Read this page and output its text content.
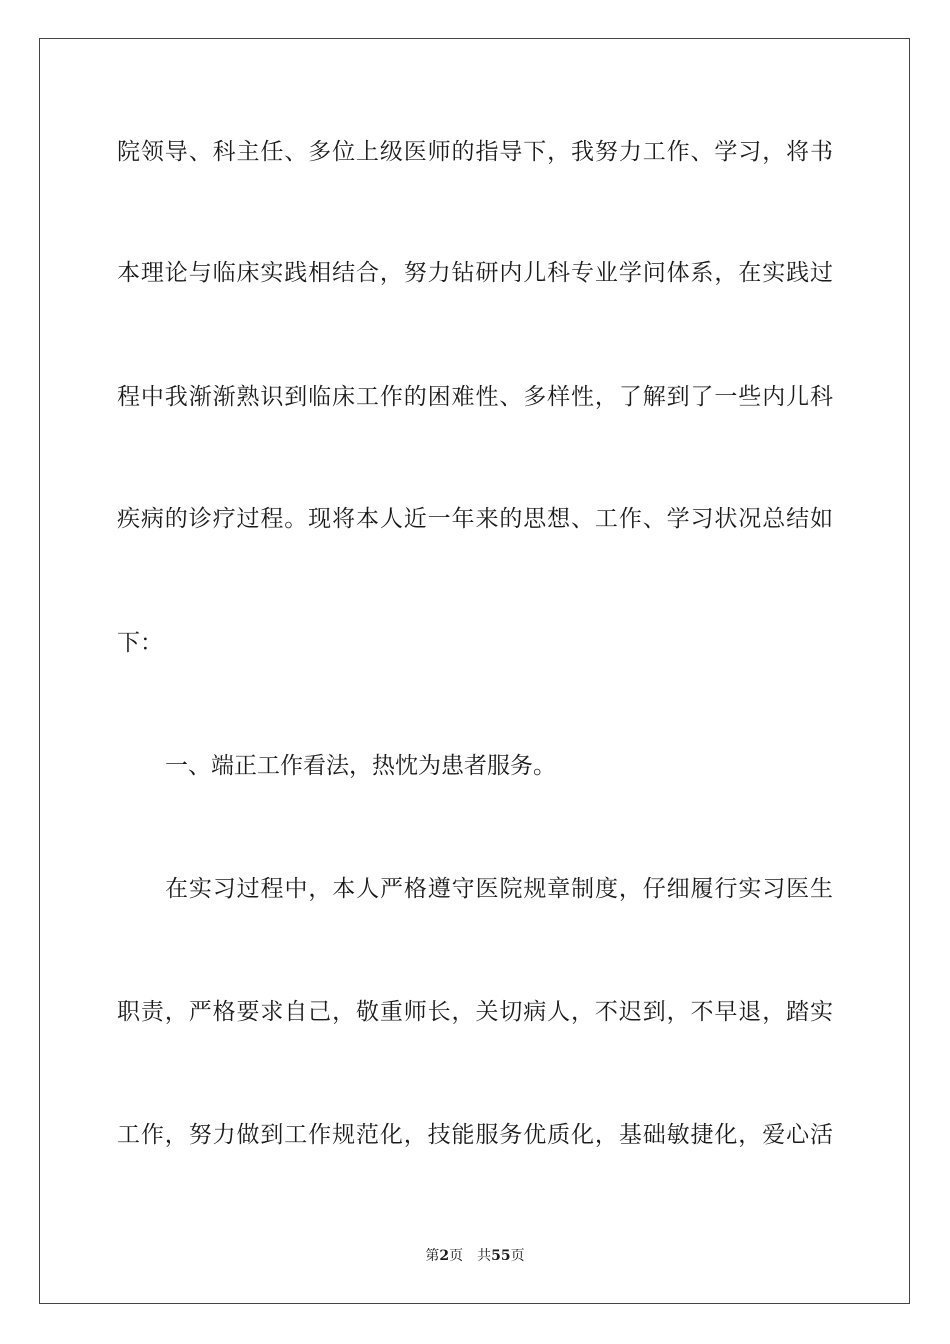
院领导、科主任、多位上级医师的指导下，我努力工作、学习，将书
本理论与临床实践相结合，努力钻研内儿科专业学问体系，在实践过
程中我渐渐熟识到临床工作的困难性、多样性，了解到了一些内儿科
疾病的诊疗过程。现将本人近一年来的思想、工作、学习状况总结如
下：
一、端正工作看法，热忱为患者服务。
在实习过程中，本人严格遵守医院规章制度，仔细履行实习医生
职责，严格要求自己，敬重师长，关切病人，不迟到，不早退，踏实
工作，努力做到工作规范化，技能服务优质化，基础敏捷化，爱心活
第2页 共55页
